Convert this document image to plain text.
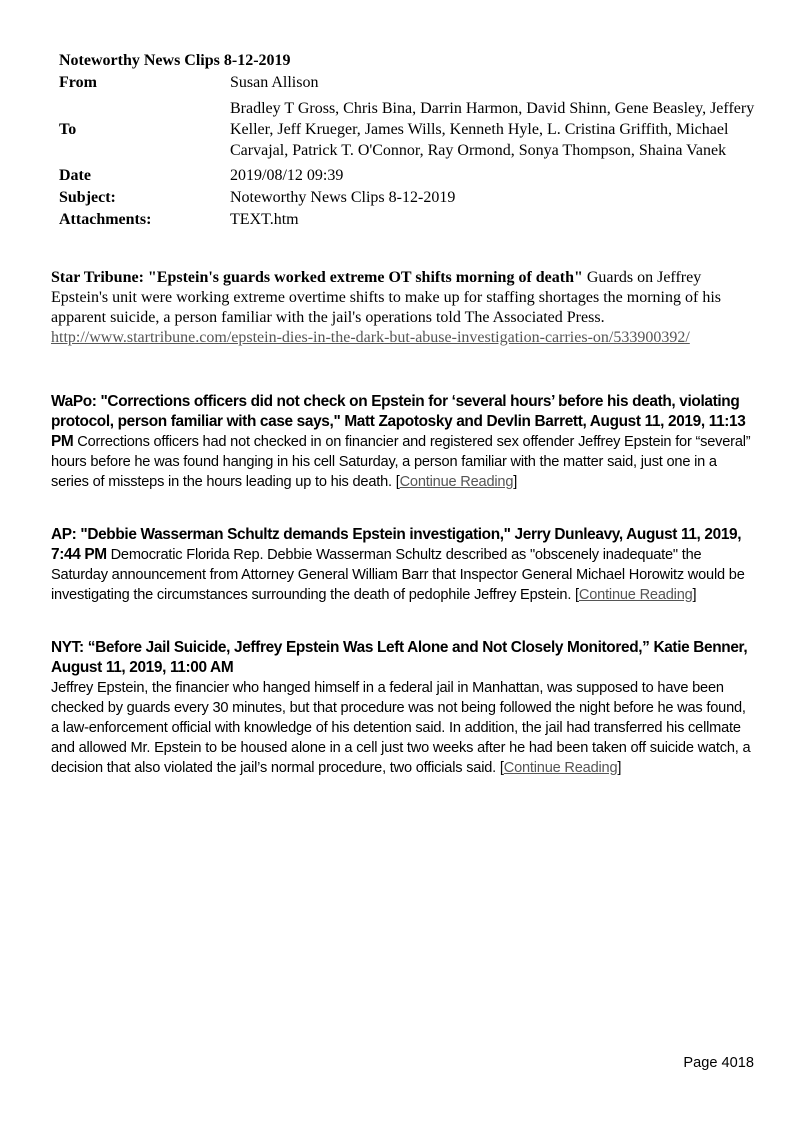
Noteworthy News Clips 8-12-2019	
From	Susan Allison
To	Bradley T Gross, Chris Bina, Darrin Harmon, David Shinn, Gene Beasley, Jeffery Keller, Jeff Krueger, James Wills, Kenneth Hyle, L. Cristina Griffith, Michael Carvajal, Patrick T. O'Connor, Ray Ormond, Sonya Thompson, Shaina Vanek
Date	2019/08/12 09:39
Subject:	Noteworthy News Clips 8-12-2019
Attachments:	TEXT.htm

Star Tribune: "Epstein's guards worked extreme OT shifts morning of death" Guards on Jeffrey Epstein's unit were working extreme overtime shifts to make up for staffing shortages the morning of his apparent suicide, a person familiar with the jail's operations told The Associated Press. http://www.startribune.com/epstein-dies-in-the-dark-but-abuse-investigation-carries-on/533900392/

WaPo: "Corrections officers did not check on Epstein for ‘several hours’ before his death, violating protocol, person familiar with case says," Matt Zapotosky and Devlin Barrett, August 11, 2019, 11:13 PM Corrections officers had not checked in on financier and registered sex offender Jeffrey Epstein for “several” hours before he was found hanging in his cell Saturday, a person familiar with the matter said, just one in a series of missteps in the hours leading up to his death. [Continue Reading]

AP: "Debbie Wasserman Schultz demands Epstein investigation," Jerry Dunleavy, August 11, 2019, 7:44 PM Democratic Florida Rep. Debbie Wasserman Schultz described as "obscenely inadequate" the Saturday announcement from Attorney General William Barr that Inspector General Michael Horowitz would be investigating the circumstances surrounding the death of pedophile Jeffrey Epstein. [Continue Reading]

NYT: “Before Jail Suicide, Jeffrey Epstein Was Left Alone and Not Closely Monitored,” Katie Benner, August 11, 2019, 11:00 AM
Jeffrey Epstein, the financier who hanged himself in a federal jail in Manhattan, was supposed to have been checked by guards every 30 minutes, but that procedure was not being followed the night before he was found, a law-enforcement official with knowledge of his detention said. In addition, the jail had transferred his cellmate and allowed Mr. Epstein to be housed alone in a cell just two weeks after he had been taken off suicide watch, a decision that also violated the jail’s normal procedure, two officials said. [Continue Reading]

Page 4018
